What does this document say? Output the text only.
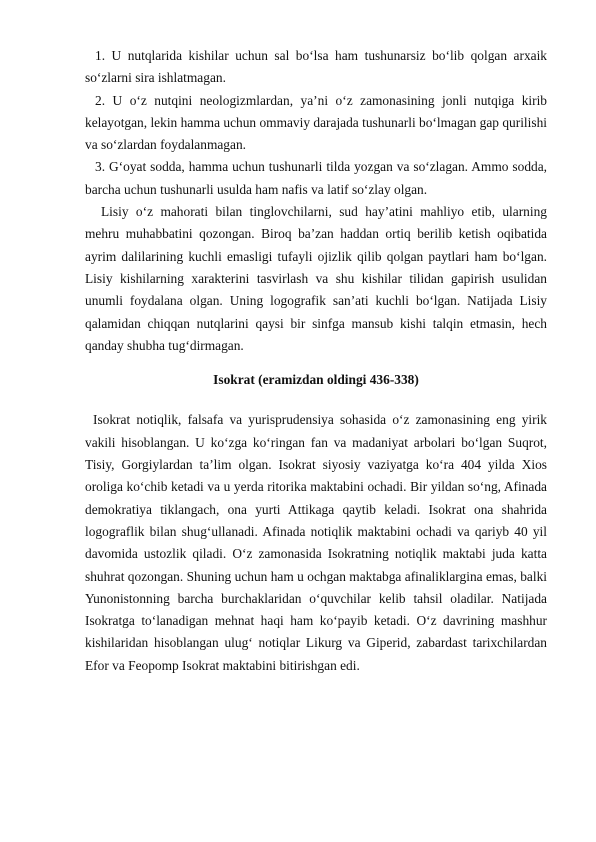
1. U nutqlarida kishilar uchun sal bo‘lsa ham tushunarsiz bo‘lib qolgan arxaik so‘zlarni sira ishlatmagan.

2. U o‘z nutqini neologizmlardan, ya’ni o‘z zamonasining jonli nutqiga kirib kelayotgan, lekin hamma uchun ommaviy darajada tushunarli bo‘lmagan gap qurilishi va so‘zlardan foydalanmagan.

3. G‘oyat sodda, hamma uchun tushunarli tilda yozgan va so‘zlagan. Ammo sodda, barcha uchun tushunarli usulda ham nafis va latif so‘zlay olgan.

Lisiy o‘z mahorati bilan tinglovchilarni, sud hay’atini mahliyo etib, ularning mehru muhabbatini qozongan. Biroq ba’zan haddan ortiq berilib ketish oqibatida ayrim dalilarining kuchli emasligi tufayli ojizlik qilib qolgan paytlari ham bo‘lgan. Lisiy kishilarning xarakterini tasvirlash va shu kishilar tilidan gapirish usulidan unumli foydalana olgan. Uning logografik san’ati kuchli bo‘lgan. Natijada Lisiy qalamidan chiqqan nutqlarini qaysi bir sinfga mansub kishi talqin etmasin, hech qanday shubha tug‘dirmagan.

Isokrat (eramizdan oldingi 436-338)

Isokrat notiqlik, falsafa va yurisprudensiya sohasida o‘z zamonasining eng yirik vakili hisoblangan. U ko‘zga ko‘ringan fan va madaniyat arbolari bo‘lgan Suqrot, Tisiy, Gorgiylardan ta’lim olgan. Isokrat siyosiy vaziyatga ko‘ra 404 yilda Xios oroliga ko‘chib ketadi va u yerda ritorika maktabini ochadi. Bir yildan so‘ng, Afinada demokratiya tiklangach, ona yurti Attikaga qaytib keladi. Isokrat ona shahrida logograflik bilan shug‘ullanadi. Afinada notiqlik maktabini ochadi va qariyb 40 yil davomida ustozlik qiladi. O‘z zamonasida Isokratning notiqlik maktabi juda katta shuhrat qozongan. Shuning uchun ham u ochgan maktabga afinaliklargina emas, balki Yunonistonning barcha burchaklaridan o‘quvchilar kelib tahsil oladilar. Natijada Isokratga to‘lanadigan mehnat haqi ham ko‘payib ketadi. O‘z davrining mashhur kishilaridan hisoblangan ulug‘ notiqlar Likurg va Giperid, zabardast tarixchilardan Efor va Feopomp Isokrat maktabini bitirishgan edi.
